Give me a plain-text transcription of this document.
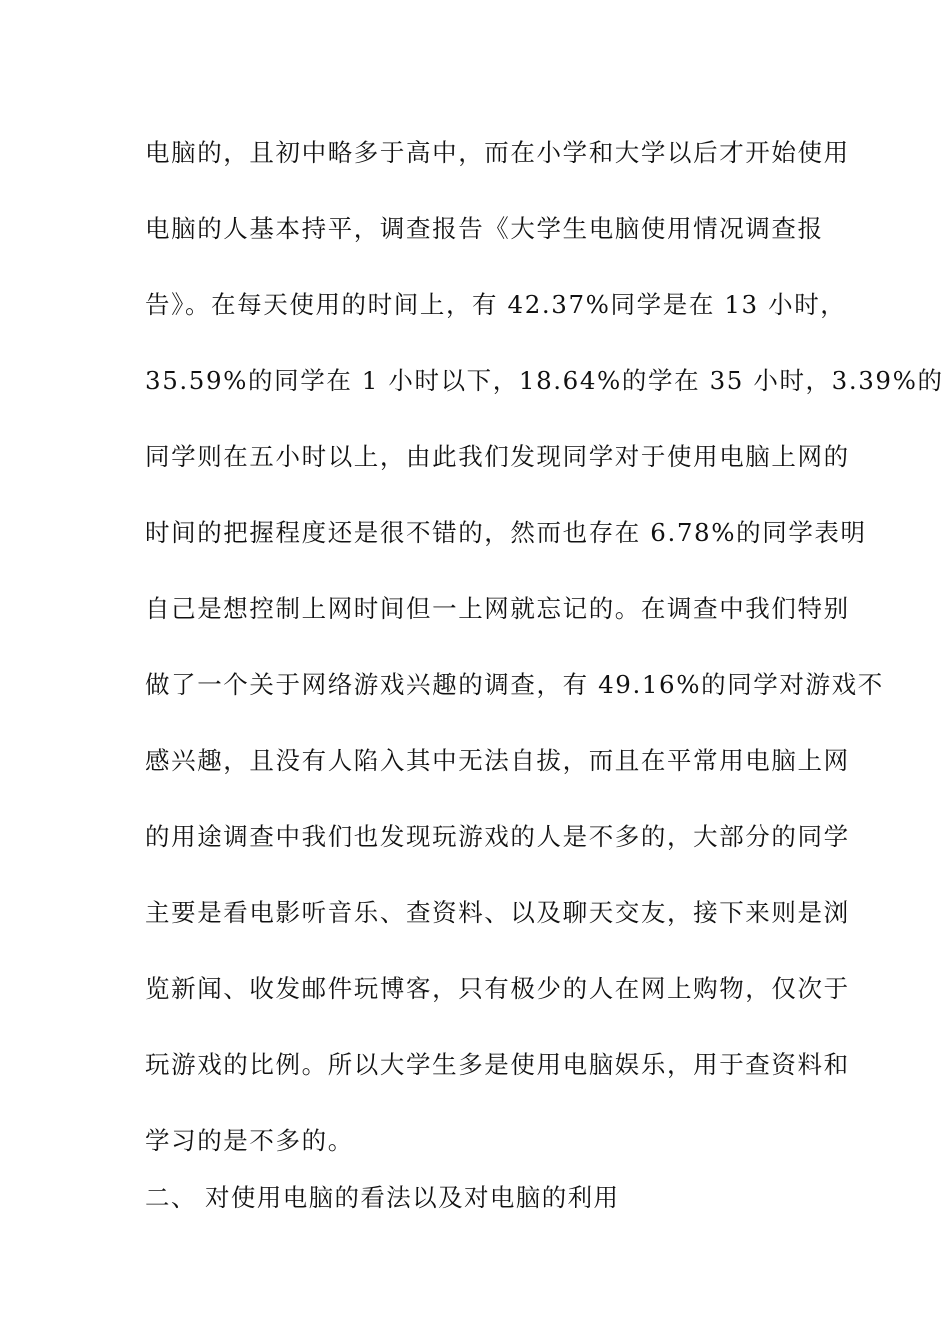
电脑的，且初中略多于高中，而在小学和大学以后才开始使用
电脑的人基本持平，调查报告《大学生电脑使用情况调查报
告》。在每天使用的时间上，有 42.37%同学是在 13 小时，
35.59%的同学在 1 小时以下，18.64%的学在 35 小时，3.39%的
同学则在五小时以上，由此我们发现同学对于使用电脑上网的
时间的把握程度还是很不错的，然而也存在 6.78%的同学表明
自己是想控制上网时间但一上网就忘记的。在调查中我们特别
做了一个关于网络游戏兴趣的调查，有 49.16%的同学对游戏不
感兴趣，且没有人陷入其中无法自拔，而且在平常用电脑上网
的用途调查中我们也发现玩游戏的人是不多的，大部分的同学
主要是看电影听音乐、查资料、以及聊天交友，接下来则是浏
览新闻、收发邮件玩博客，只有极少的人在网上购物，仅次于
玩游戏的比例。所以大学生多是使用电脑娱乐，用于查资料和
学习的是不多的。
二、 对使用电脑的看法以及对电脑的利用
